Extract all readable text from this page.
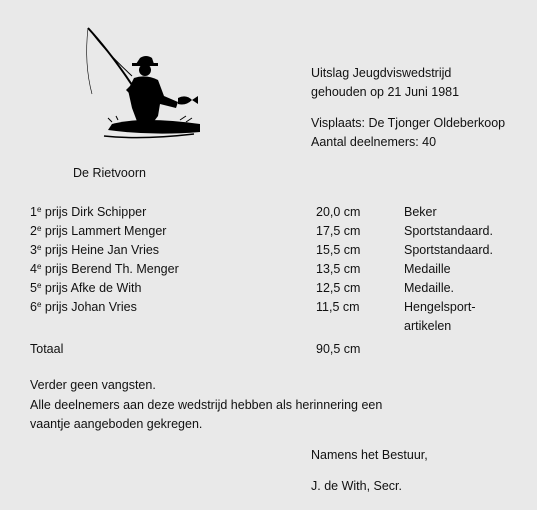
Uitslag Jeugdviswedstrijd
gehouden op 21 Juni 1981
Visplaats: De Tjonger Oldeberkoop
Aantal deelnemers: 40
De Rietvoorn
1e prijs Dirk Schipper	20,0 cm	Beker
2e prijs Lammert Menger	17,5 cm	Sportstandaard.
3e prijs Heine Jan Vries	15,5 cm	Sportstandaard.
4e prijs Berend Th. Menger	13,5 cm	Medaille
5e prijs Afke de With	12,5 cm	Medaille.
6e prijs Johan Vries	11,5 cm	Hengelsport-
artikelen
Totaal	90,5 cm
Verder geen vangsten.
Alle deelnemers aan deze wedstrijd hebben als herinnering een
vaantje aangeboden gekregen.
Namens het Bestuur,
J. de With, Secr.
